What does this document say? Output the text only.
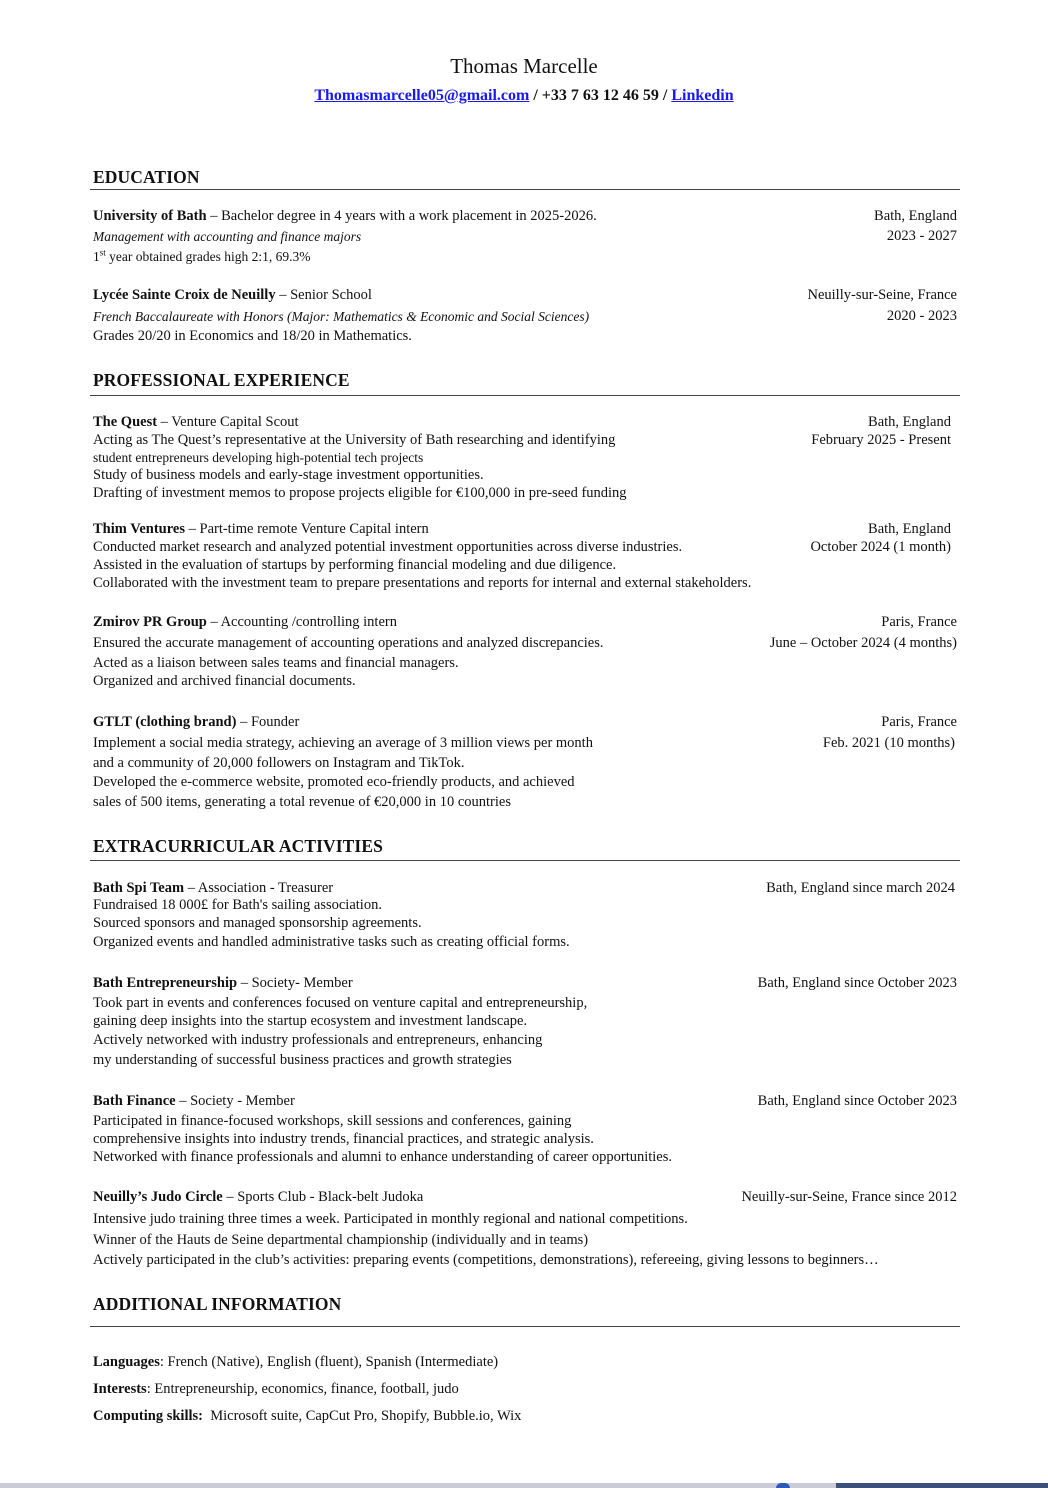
Thomas Marcelle
Thomasmarcelle05@gmail.com / +33 7 63 12 46 59 / Linkedin
EDUCATION
University of Bath – Bachelor degree in 4 years with a work placement in 2025-2026.
Management with accounting and finance majors
1st year obtained grades high 2:1, 69.3%
Bath, England
2023 - 2027
Lycée Sainte Croix de Neuilly – Senior School
French Baccalaureate with Honors (Major: Mathematics & Economic and Social Sciences)
Grades 20/20 in Economics and 18/20 in Mathematics.
Neuilly-sur-Seine, France
2020 - 2023
PROFESSIONAL EXPERIENCE
The Quest – Venture Capital Scout
Acting as The Quest’s representative at the University of Bath researching and identifying
student entrepreneurs developing high-potential tech projects
Study of business models and early-stage investment opportunities.
Drafting of investment memos to propose projects eligible for €100,000 in pre-seed funding
Bath, England
February 2025 - Present
Thim Ventures – Part-time remote Venture Capital intern
Conducted market research and analyzed potential investment opportunities across diverse industries.
Assisted in the evaluation of startups by performing financial modeling and due diligence.
Collaborated with the investment team to prepare presentations and reports for internal and external stakeholders.
Bath, England
October 2024 (1 month)
Zmirov PR Group – Accounting /controlling intern
Ensured the accurate management of accounting operations and analyzed discrepancies.
Acted as a liaison between sales teams and financial managers.
Organized and archived financial documents.
Paris, France
June – October 2024 (4 months)
GTLT (clothing brand) – Founder
Implement a social media strategy, achieving an average of 3 million views per month
and a community of 20,000 followers on Instagram and TikTok.
Developed the e-commerce website, promoted eco-friendly products, and achieved
sales of 500 items, generating a total revenue of €20,000 in 10 countries
Paris, France
Feb. 2021 (10 months)
EXTRACURRICULAR ACTIVITIES
Bath Spi Team – Association - Treasurer
Fundraised 18 000£ for Bath's sailing association.
Sourced sponsors and managed sponsorship agreements.
Organized events and handled administrative tasks such as creating official forms.
Bath, England since march 2024
Bath Entrepreneurship – Society- Member
Took part in events and conferences focused on venture capital and entrepreneurship,
gaining deep insights into the startup ecosystem and investment landscape.
Actively networked with industry professionals and entrepreneurs, enhancing
my understanding of successful business practices and growth strategies
Bath, England since October 2023
Bath Finance – Society - Member
Participated in finance-focused workshops, skill sessions and conferences, gaining
comprehensive insights into industry trends, financial practices, and strategic analysis.
Networked with finance professionals and alumni to enhance understanding of career opportunities.
Bath, England since October 2023
Neuilly’s Judo Circle – Sports Club - Black-belt Judoka
Intensive judo training three times a week. Participated in monthly regional and national competitions.
Winner of the Hauts de Seine departmental championship (individually and in teams)
Actively participated in the club’s activities: preparing events (competitions, demonstrations), refereeing, giving lessons to beginners…
Neuilly-sur-Seine, France since 2012
ADDITIONAL INFORMATION
Languages: French (Native), English (fluent), Spanish (Intermediate)
Interests: Entrepreneurship, economics, finance, football, judo
Computing skills:  Microsoft suite, CapCut Pro, Shopify, Bubble.io, Wix
